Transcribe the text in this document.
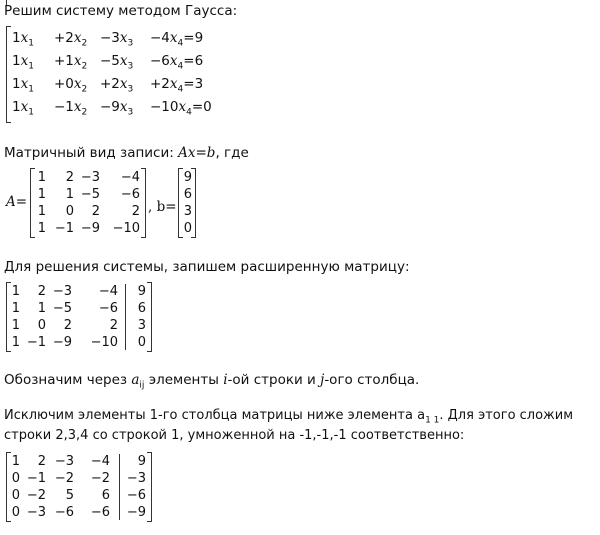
Решим систему методом Гаусса:
$1x_1 +2x_2 -3x_3 -4x_4=9$
$1x_1 +1x_2 -5x_3 -6x_4=6$
$1x_1 +0x_2 +2x_3 +2x_4=3$
$1x_1 -1x_2 -9x_3 -10x_4=0$
Матричный вид записи: Ax=b, где
A=
1 2 −3 −4
1 1 −5 −6
1 0 2 2
1 −1 −9 −10
, b=
9
6
3
0
Для решения системы, запишем расширенную матрицу:
1 2 −3 −4 9
1 1 −5 −6 6
1 0 2	2 3
1 −1 −9 −10 0
Обозначим через $a_{ij}$ элементы i-ой строки и j-ого столбца.
Исключим элементы 1-го столбца матрицы ниже элемента $a_{1 1}$. Для этого сложим
строки 2,3,4 со строкой 1, умноженной на -1,-1,-1 соответственно:
1 2 −3 −4 9
0 −1 −2 −2 −3
0 −2 5 6 −6
0 −3 −6 −6 −9
